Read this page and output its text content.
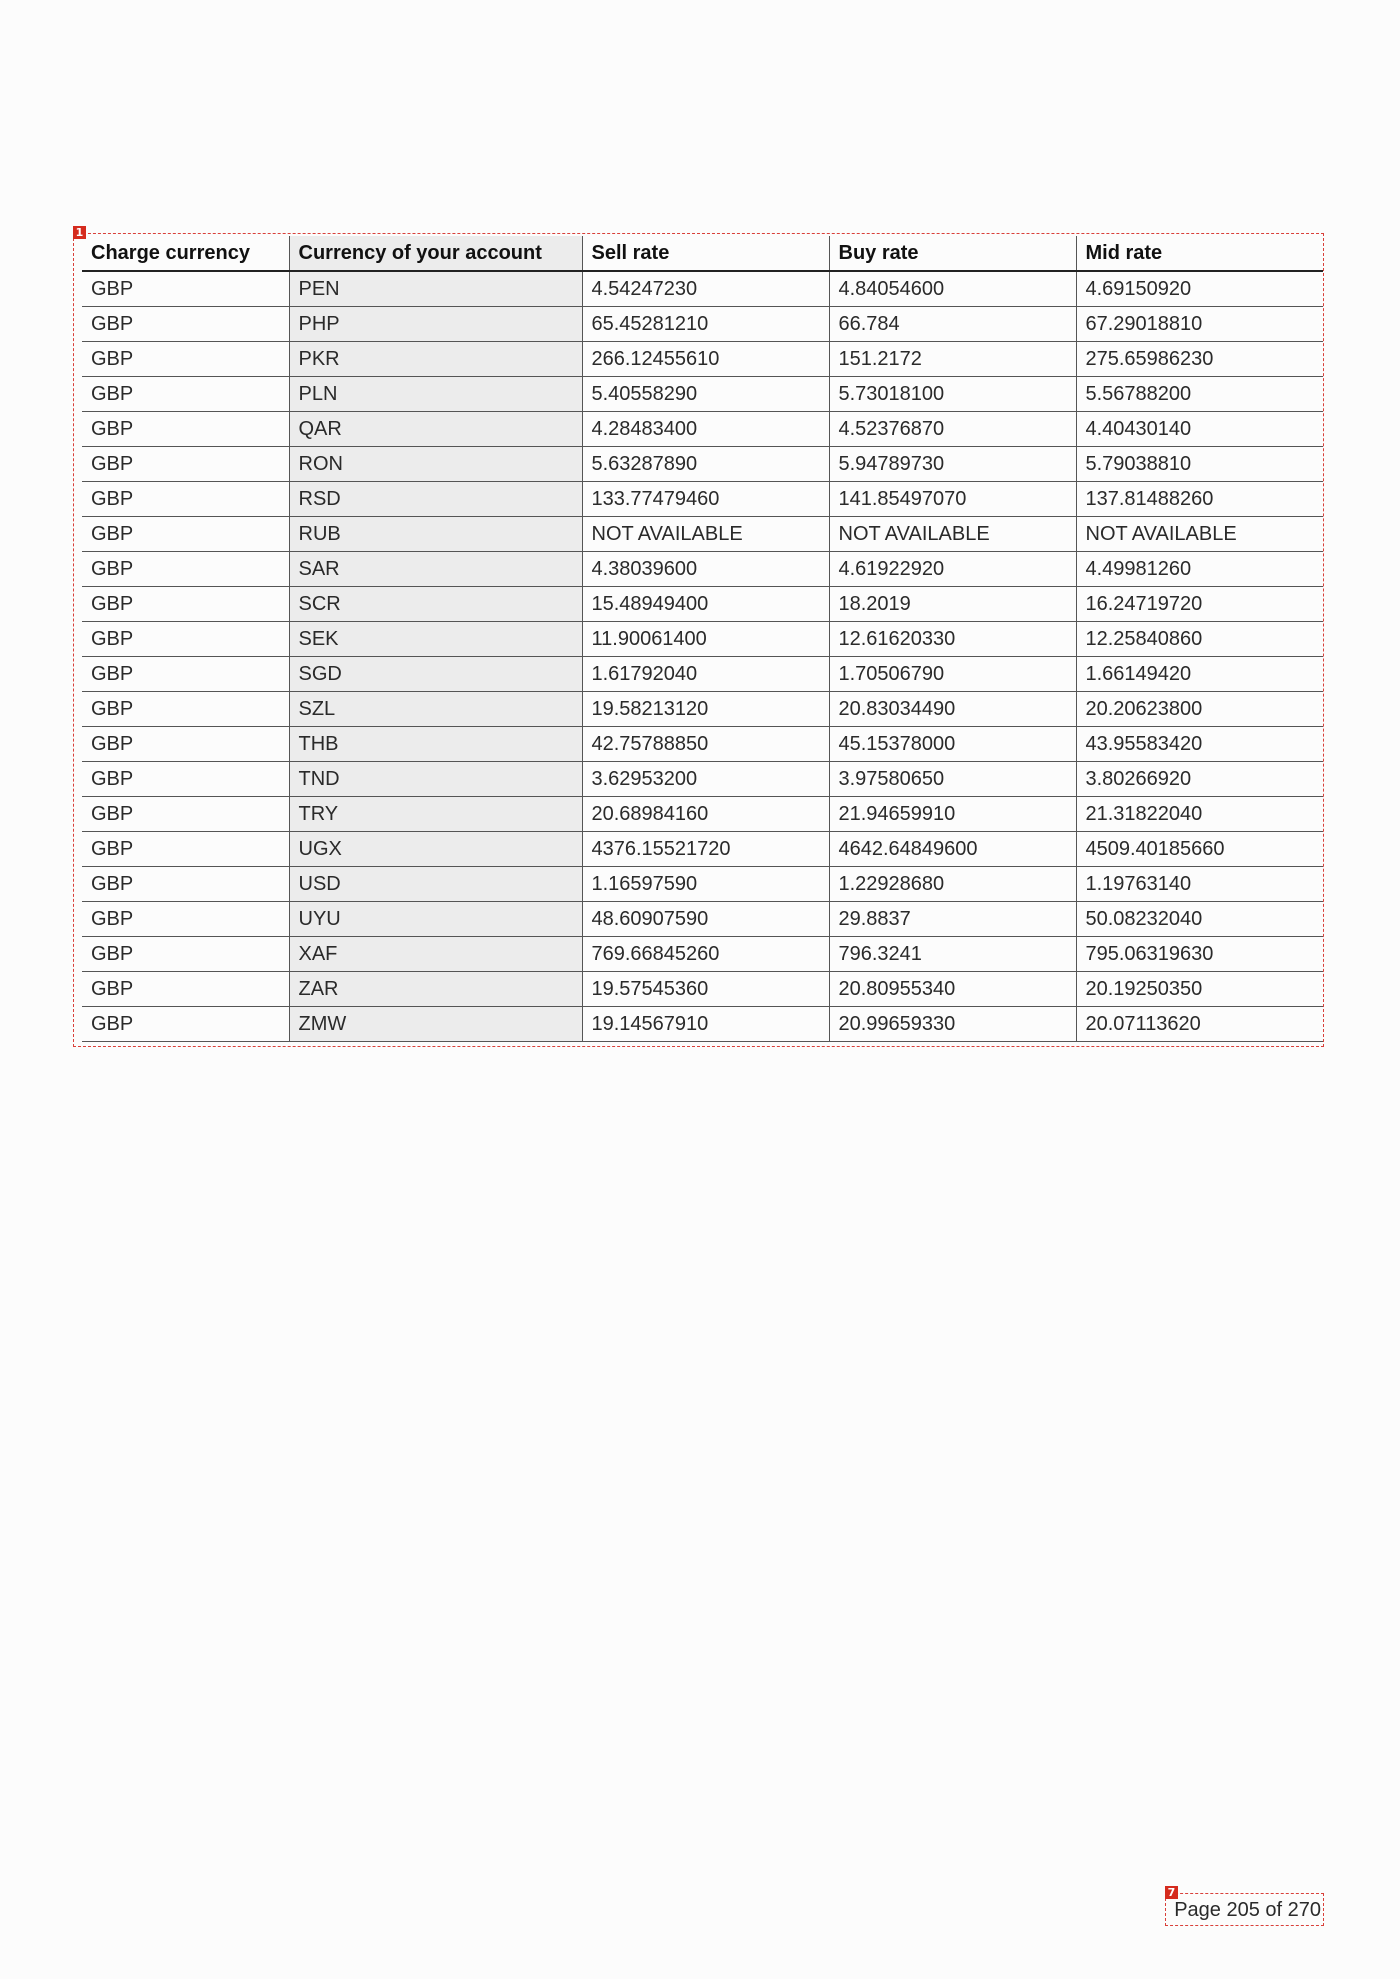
1
Charge currency	Currency of your account	Sell rate	Buy rate	Mid rate
GBP	PEN	4.54247230	4.84054600	4.69150920
GBP	PHP	65.45281210	66.784	67.29018810
GBP	PKR	266.12455610	151.2172	275.65986230
GBP	PLN	5.40558290	5.73018100	5.56788200
GBP	QAR	4.28483400	4.52376870	4.40430140
GBP	RON	5.63287890	5.94789730	5.79038810
GBP	RSD	133.77479460	141.85497070	137.81488260
GBP	RUB	NOT AVAILABLE	NOT AVAILABLE	NOT AVAILABLE
GBP	SAR	4.38039600	4.61922920	4.49981260
GBP	SCR	15.48949400	18.2019	16.24719720
GBP	SEK	11.90061400	12.61620330	12.25840860
GBP	SGD	1.61792040	1.70506790	1.66149420
GBP	SZL	19.58213120	20.83034490	20.20623800
GBP	THB	42.75788850	45.15378000	43.95583420
GBP	TND	3.62953200	3.97580650	3.80266920
GBP	TRY	20.68984160	21.94659910	21.31822040
GBP	UGX	4376.15521720	4642.64849600	4509.40185660
GBP	USD	1.16597590	1.22928680	1.19763140
GBP	UYU	48.60907590	29.8837	50.08232040
GBP	XAF	769.66845260	796.3241	795.06319630
GBP	ZAR	19.57545360	20.80955340	20.19250350
GBP	ZMW	19.14567910	20.99659330	20.07113620
7
Page 205 of 270
